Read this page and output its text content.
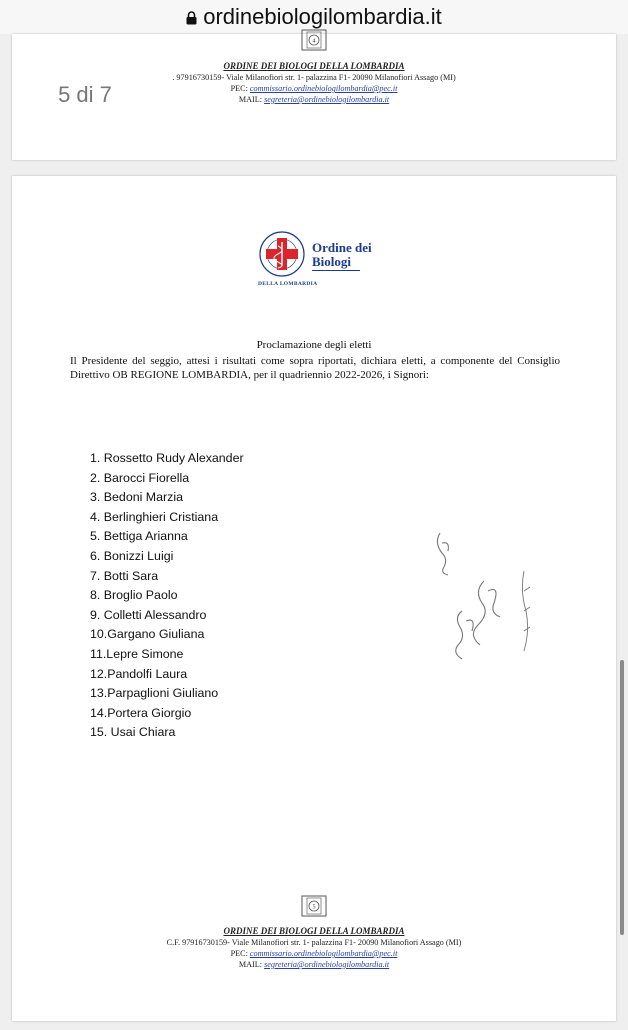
ordinebiologilombardia.it
4
ORDINE DEI BIOLOGI DELLA LOMBARDIA
. 97916730159- Viale Milanofiori str. 1- palazzina F1- 20090 Milanofiori Assago (MI)
PEC: commissario.ordinebiologilombardia@pec.it
MAIL: segreteria@ordinebiologilombardia.it
5 di 7
Ordine dei
Biologi
DELLA LOMBARDIA
Proclamazione degli eletti
Il Presidente del seggio, attesi i risultati come sopra riportati, dichiara eletti, a componente del Consiglio Direttivo OB REGIONE LOMBARDIA, per il quadriennio 2022-2026, i Signori:
1. Rossetto Rudy Alexander
2. Barocci Fiorella
3. Bedoni Marzia
4. Berlinghieri Cristiana
5. Bettiga Arianna
6. Bonizzi Luigi
7. Botti Sara
8. Broglio Paolo
9. Colletti Alessandro
10.Gargano Giuliana
11.Lepre Simone
12.Pandolfi Laura
13.Parpaglioni Giuliano
14.Portera Giorgio
15. Usai Chiara
5
ORDINE DEI BIOLOGI DELLA LOMBARDIA
C.F. 97916730159- Viale Milanofiori str. 1- palazzina F1- 20090 Milanofiori Assago (MI)
PEC: commissario.ordinebiologilombardia@pec.it
MAIL: segreteria@ordinebiologilombardia.it
